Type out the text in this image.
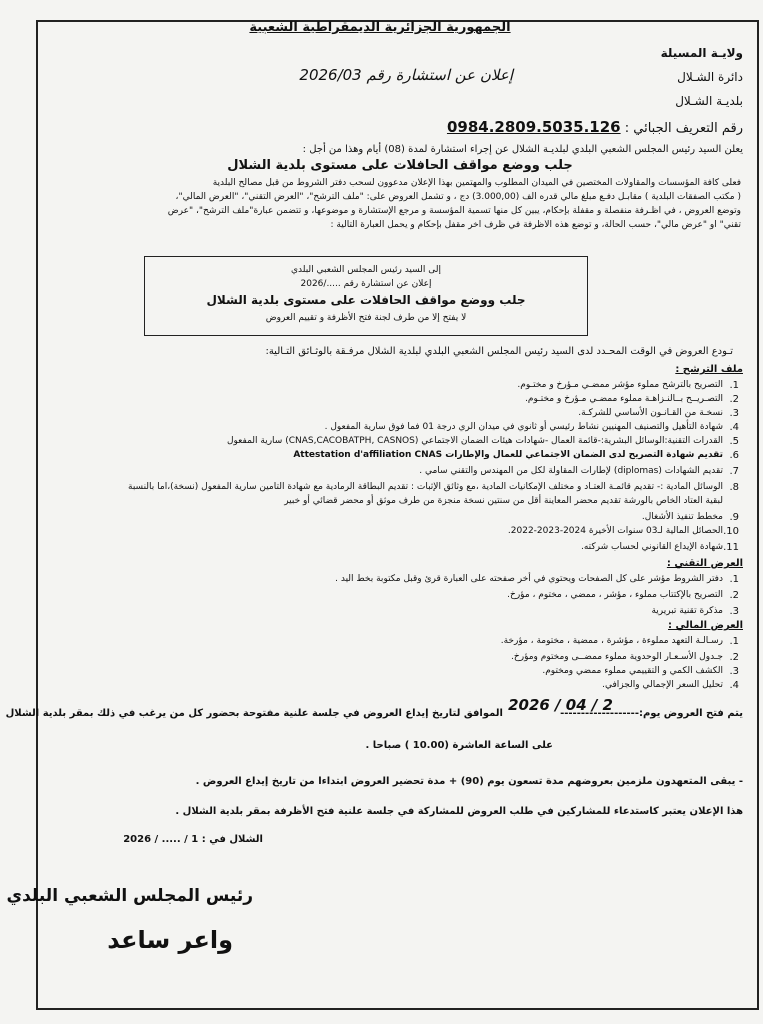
الجمهورية الجزائرية الديمقراطية الشعبية
ولايـة المسيلة
دائرة الشـلال
بلديـة الشـلال
إعلان عن استشارة رقم 2026/03
رقم التعريف الجبائي : 0984.2809.5035.126
يعلن السيد رئيس المجلس الشعبي البلدي لبلديـة الشلال عن إجراء استشارة لمدة (08) أيام وهذا من أجل :
جلب ووضع مواقف الحافلات على مستوى بلدية الشلال
فعلى كافة المؤسسات والمقاولات المختصين في الميدان المطلوب والمهتمين بهذا الإعلان مدعوون لسحب دفتر الشروط من قبل مصالح البلدية
( مكتب الصفقات البلدية ) مقابـل دفـع مبلغ مالي قدره ألف (3.000,00) دج ، و تشمل العروض على: "ملف الترشح"، "العرض التقني"، "العرض المالي"،
وتوضع العروض ، في أظـرفة منفصلة و مقفلة بإحكام، يبين كل منها تسمية المؤسسة و مرجع الإستشارة و موضوعها، و تتضمن عبارة"ملف الترشح"، "عرض
تقني" أو "عرض مالي"، حسب الحالة، و توضع هذه الأظرفة في ظرف أخر مقفل بإحكام و يحمل العبارة التالية :
إلى السيد رئيس المجلس الشعبي البلدي
إعلان عن استشارة رقم ...../2026
جلب ووضع مواقف الحافلات على مستوى بلدية الشلال
لا يفتح إلا من طرف لجنة فتح الأظرفة و تقييم العروض
تـودع العروض في الوقت المحـدد لدى السيد رئيس المجلس الشعبي البلدي لبلدية الشلال مرفـقة بالوثـائق التـالية:
ملف الترشح :
التصريح بالترشح مملوء مؤشر ممضـي مـؤرخ و مختـوم. .1
التصـريــح بــالنـزاهـة مملوء ممضـي مـؤرخ و مختـوم. .2
نسخـة من القـانـون الأساسي للشركـة. .3
شهادة التأهيل والتصنيف المهنيين نشاط رئيسي أو ثانوي في ميدان الري درجة 01 فما فوق سارية المفعول . .4
القدرات التقنية:الوسائل البشرية:-قائمة العمال -شهادات هيئات الضمان الاجتماعي (CNAS,CACOBATPH, CASNOS) سارية المفعول .5
تقديم شهادة التصريح لدى الضمان الاجتماعي للعمال والإطارات Attestation d'affiliation CNAS .6
تقديم الشهادات (diplomas) لإطارات المقاولة لكل من المهندس والتقني سامي . .7
الوسائل المادية :- تقديم قائمـة العتـاد و مختلف الإمكانيات المادية ،مع وثائق الإثبات : تقديم البطاقة الرمادية مع شهادة التأمين سارية المفعول (نسخة)،أما بالنسبة .8
لبقية العتاد الخاص بالورشة تقديم محضر المعاينة أقل من سنتين نسخة منجزة من طرف موثق أو محضر قضائي أو خبير
مخطط تنفيذ الأشغال. .9
الحصائل المالية لـ03 سنوات الأخيرة 2024-2023-2022. .10
شهادة الإيداع القانوني لحساب شركته. .11
العرض التقني :
دفتر الشروط مؤشر على كل الصفحات ويحتوي في أخر صفحته على العبارة قرئ وقبل مكتوبة بخط اليد . .1
التصريح بالإكتتاب مملوء ، مؤشر ، ممضي ، مختوم ، مؤرخ. .2
مذكرة تقنية تبريرية .3
العرض المالي :
رسـالـة التعهد مملوءة ، مؤشرة ، ممضية ، مختومة ، مؤرخة. .1
جـدول الأسـعـار الوحدوية مملوء ممضــى ومختوم ومؤرخ. .2
الكشف الكمي و التقييمي مملوء ممضي ومختوم. .3
تحليل السعر الإجمالي والجزافي. .4
يتم فتح العروض يوم:-------------------
2026 / 04 / 2
الموافق لتاريخ إيداع العروض في جلسة علنية مفتوحة بحضور كل من يرغب في ذلك بمقر بلدية الشلال
على الساعة العاشرة (10.00 ) صباحا .
- يبقى المتعهدون ملزمين بعروضهم مدة تسعون يوم (90) + مدة تحضير العروض ابتداءا من تاريخ إيداع العروض .
هذا الإعلان يعتبر كاستدعاء للمشاركين في طلب العروض للمشاركة في جلسة علنية فتح الأظرفة بمقر بلدية الشلال .
الشلال في : 1 / ..... / 2026
رئيس المجلس الشعبي البلدي
واعر ساعد
